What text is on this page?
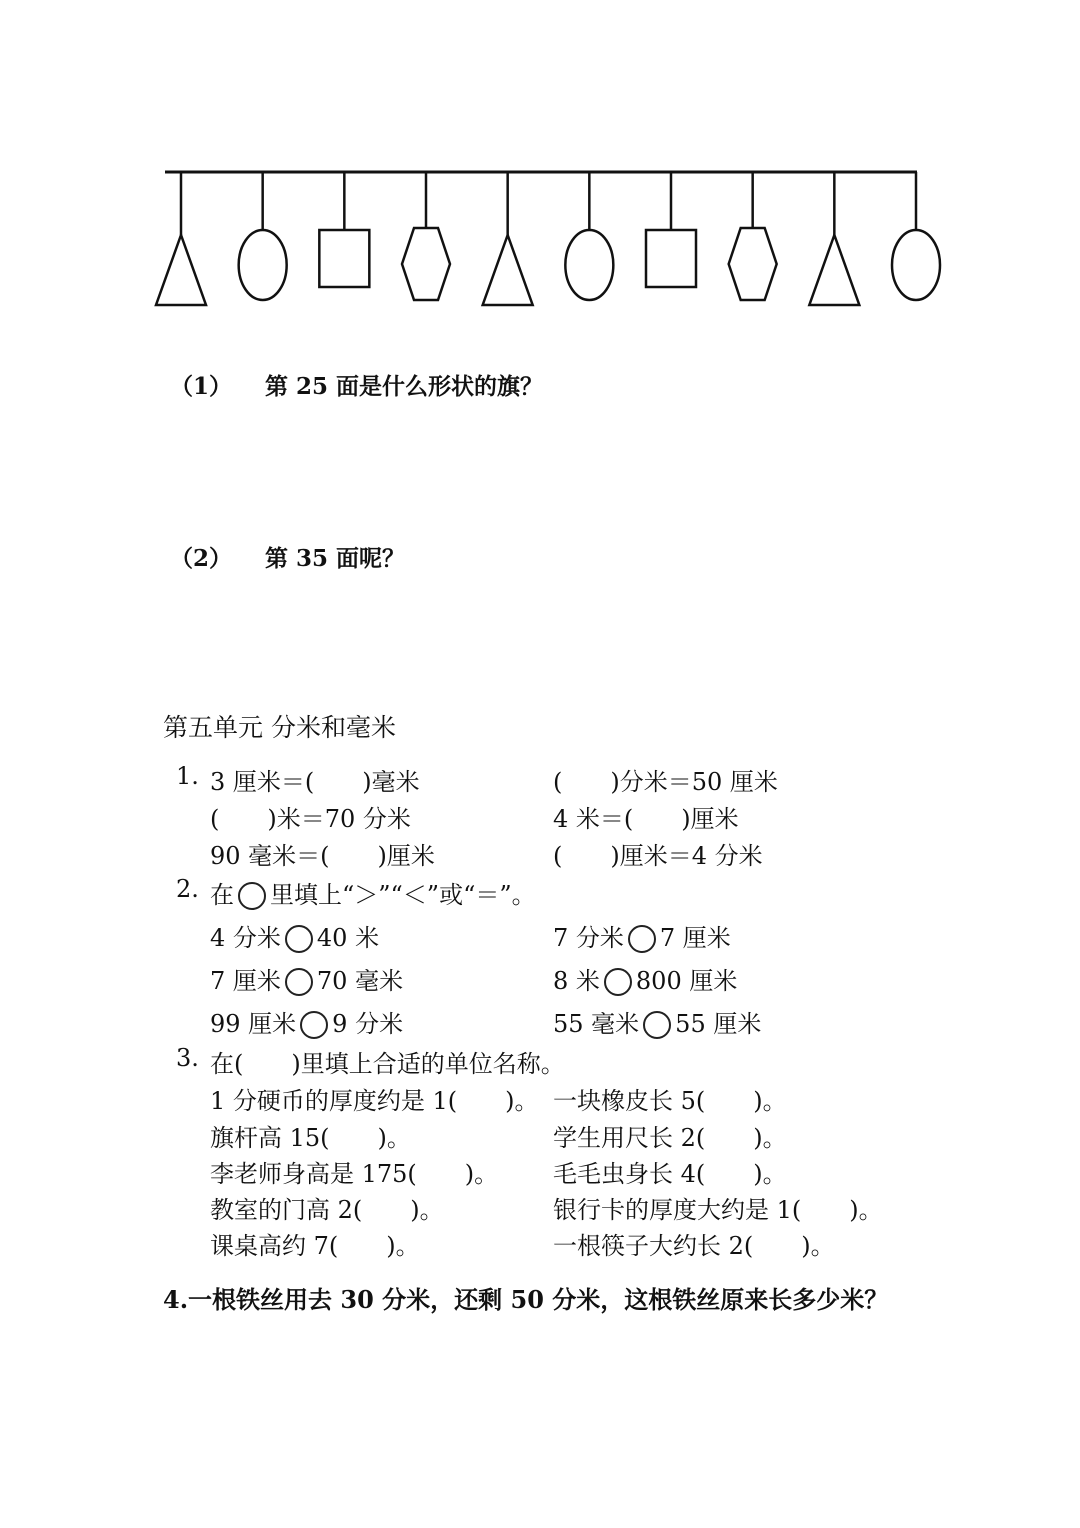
（1） 第 25 面是什么形状的旗？
（2） 第 35 面呢？
第五单元 分米和毫米
1. 3 厘米＝(　　)毫米	(　　)分米＝50 厘米
(　　)米＝70 分米	4 米＝(　　)厘米
90 毫米＝(　　)厘米	(　　)厘米＝4 分米
2. 在 里填上“＞”“＜”或“＝”。
4 分米 40 米	7 分米 7 厘米
7 厘米 70 毫米	8 米 800 厘米
99 厘米 9 分米	55 毫米 55 厘米
3. 在(　　)里填上合适的单位名称。
1 分硬币的厚度约是 1(　　)。 一块橡皮长 5(　　)。
旗杆高 15(　　)。	学生用尺长 2(　　)。
李老师身高是 175(　　)。 毛毛虫身长 4(　　)。
教室的门高 2(　　)。	银行卡的厚度大约是 1(　　)。
课桌高约 7(　　)。	一根筷子大约长 2(　　)。
4.一根铁丝用去 30 分米，还剩 50 分米，这根铁丝原来长多少米？
